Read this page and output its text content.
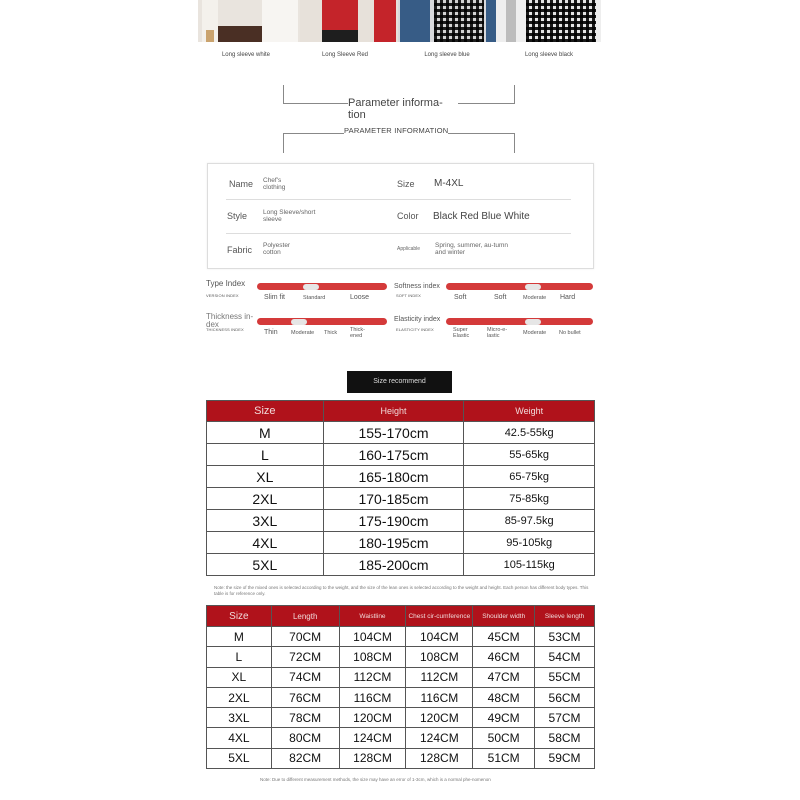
Long sleeve white	Long Sleeve Red	Long sleeve blue	Long sleeve black
Parameter informa-tion
PARAMETER INFORMATION
Name Chef's clothing	Size M-4XL
Style Long Sleeve/short sleeve	Color Black Red Blue White
Fabric Polyester cotton	Applicable Spring, summer, au-tumn and winter
Type Index
VERSION INDEX	Slim fit	Standard	Loose
Softness index
SOFT INDEX	Soft	Soft	Moderate Hard
Thickness in-dex
THICKNESS INDEX	Thin Moderate Thick Thick-ened
Elasticity index
ELASTICITY INDEX	Super Elastic
Micro-e-lastic	Moderate No bullet
Size recommend
Size	Height	Weight
M	155-170cm	42.5-55kg
L	160-175cm	55-65kg
XL	165-180cm	65-75kg
2XL	170-185cm	75-85kg
3XL	175-190cm	85-97.5kg
4XL	180-195cm	95-105kg
5XL	185-200cm	105-115kg
Note: the size of the mixed ones is selected according to the weight, and the size of the lean ones is selected according to the weight and height. Each person has different body types. This table is for reference only.
Size	Length	Waistline	Chest cir-cumference	Shoulder width	Sleeve length
M	70CM	104CM	104CM	45CM	53CM
L	72CM	108CM	108CM	46CM	54CM
XL	74CM	112CM	112CM	47CM	55CM
2XL	76CM	116CM	116CM	48CM	56CM
3XL	78CM	120CM	120CM	49CM	57CM
4XL	80CM	124CM	124CM	50CM	58CM
5XL	82CM	128CM	128CM	51CM	59CM
Note: Due to different measurement methods, the size may have an error of 1-3cm, which is a normal phe-nomenon
